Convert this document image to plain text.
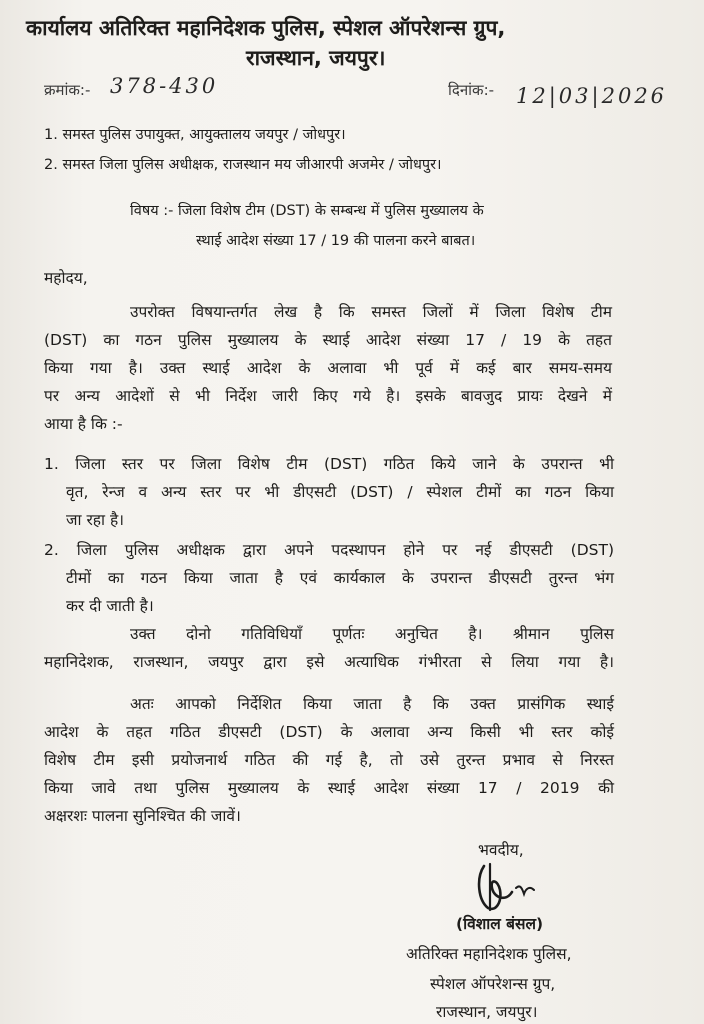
कार्यालय अतिरिक्त महानिदेशक पुलिस, स्पेशल ऑपरेशन्स ग्रुप,
राजस्थान, जयपुर।
क्रमांक:- 378-430	दिनांक:- 12|03|2026
1. समस्त पुलिस उपायुक्त, आयुक्तालय जयपुर / जोधपुर।
2. समस्त जिला पुलिस अधीक्षक, राजस्थान मय जीआरपी अजमेर / जोधपुर।
विषय :- जिला विशेष टीम (DST) के सम्बन्ध में पुलिस मुख्यालय के
स्थाई आदेश संख्या 17 / 19 की पालना करने बाबत।
महोदय,
उपरोक्त विषयान्तर्गत लेख है कि समस्त जिलों में जिला विशेष टीम
(DST) का गठन पुलिस मुख्यालय के स्थाई आदेश संख्या 17 / 19 के तहत
किया गया है। उक्त स्थाई आदेश के अलावा भी पूर्व में कई बार समय-समय
पर अन्य आदेशों से भी निर्देश जारी किए गये है। इसके बावजुद प्रायः देखने में
आया है कि :-
1. जिला स्तर पर जिला विशेष टीम (DST) गठित किये जाने के उपरान्त भी
वृत, रेन्ज व अन्य स्तर पर भी डीएसटी (DST) / स्पेशल टीमों का गठन किया
जा रहा है।
2. जिला पुलिस अधीक्षक द्वारा अपने पदस्थापन होने पर नई डीएसटी (DST)
टीमों का गठन किया जाता है एवं कार्यकाल के उपरान्त डीएसटी तुरन्त भंग
कर दी जाती है।
उक्त दोनो गतिविधियाँ पूर्णतः अनुचित है। श्रीमान पुलिस
महानिदेशक, राजस्थान, जयपुर द्वारा इसे अत्याधिक गंभीरता से लिया गया है।
अतः आपको निर्देशित किया जाता है कि उक्त प्रासंगिक स्थाई
आदेश के तहत गठित डीएसटी (DST) के अलावा अन्य किसी भी स्तर कोई
विशेष टीम इसी प्रयोजनार्थ गठित की गई है, तो उसे तुरन्त प्रभाव से निरस्त
किया जावे तथा पुलिस मुख्यालय के स्थाई आदेश संख्या 17 / 2019 की
अक्षरशः पालना सुनिश्चित की जावें।
भवदीय,
(विशाल बंसल)
अतिरिक्त महानिदेशक पुलिस,
स्पेशल ऑपरेशन्स ग्रुप,
राजस्थान, जयपुर।
